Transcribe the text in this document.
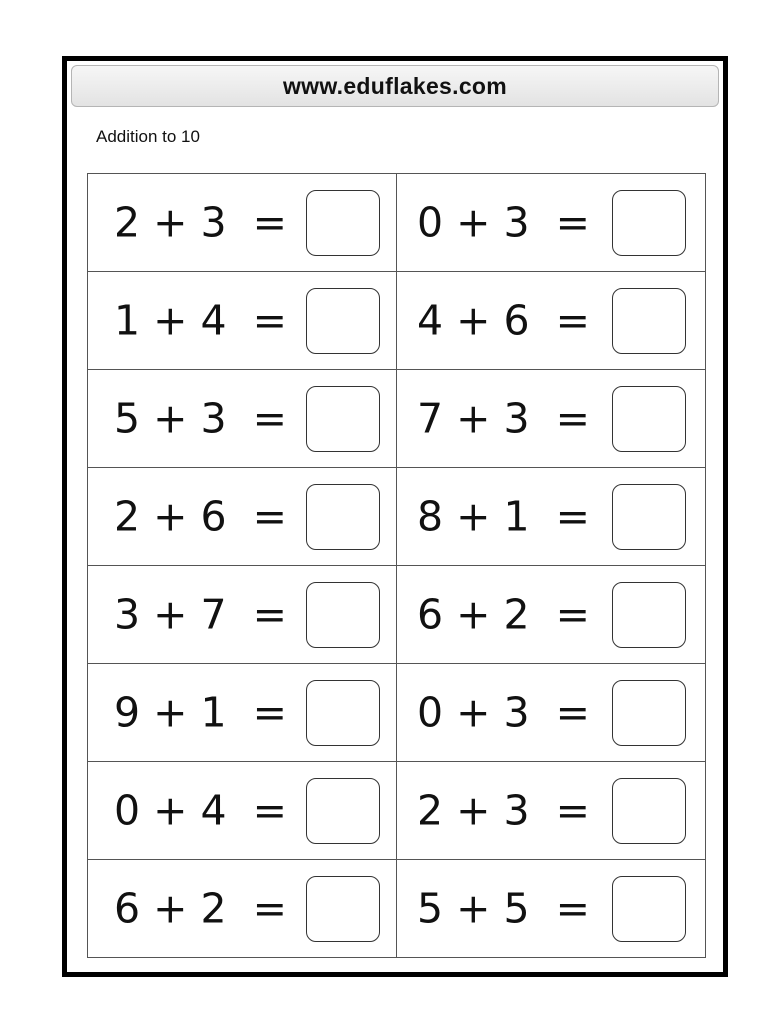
www.eduflakes.com
Addition to 10
2 + 3  =	0 + 3  =
1 + 4  =	4 + 6  =
5 + 3  =	7 + 3  =
2 + 6  =	8 + 1  =
3 + 7  =	6 + 2  =
9 + 1  =	0 + 3  =
0 + 4  =	2 + 3  =
6 + 2  =	5 + 5  =
